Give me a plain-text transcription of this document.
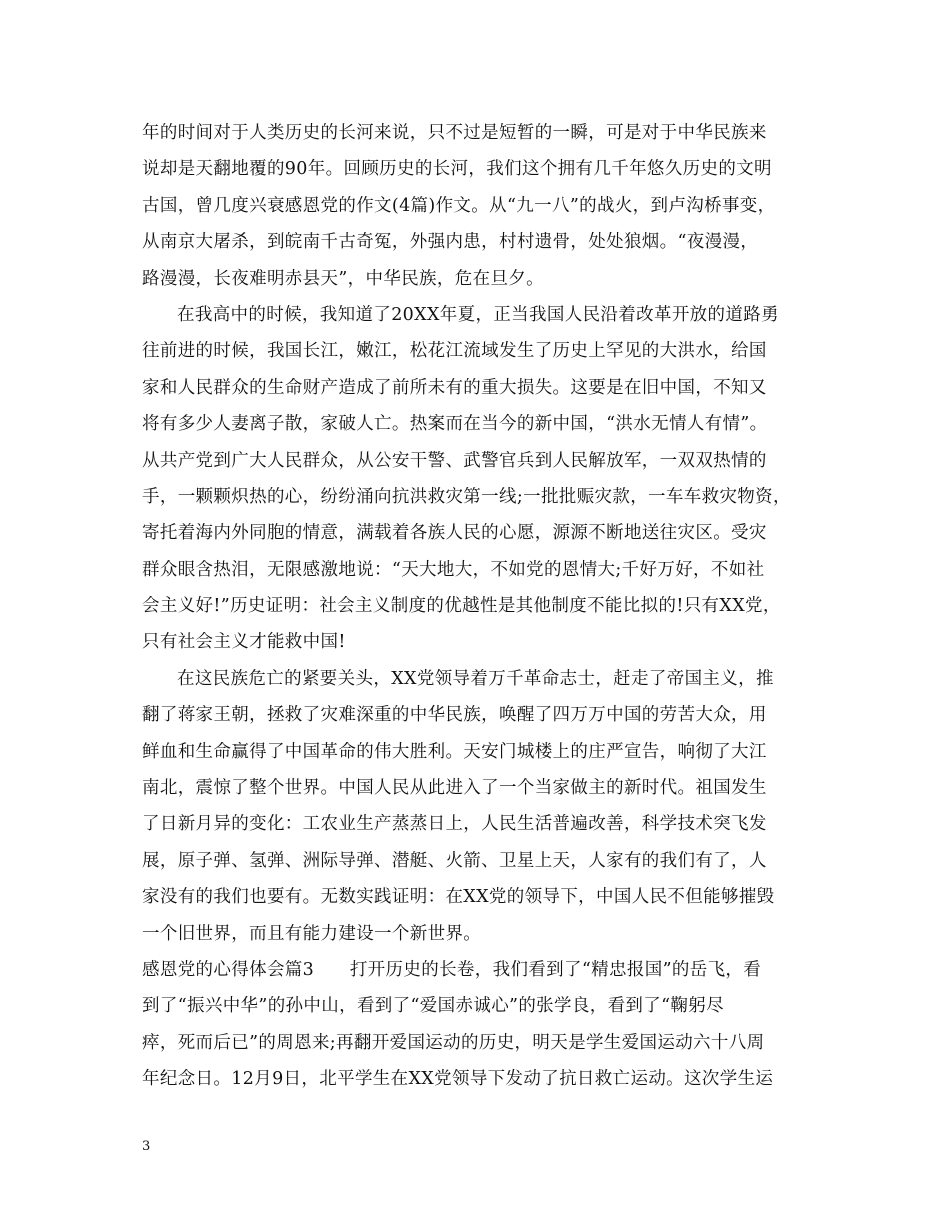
年的时间对于人类历史的长河来说，只不过是短暂的一瞬，可是对于中华民族来
说却是天翻地覆的90年。回顾历史的长河，我们这个拥有几千年悠久历史的文明
古国，曾几度兴衰感恩党的作文(4篇)作文。从“九一八”的战火，到卢沟桥事变，
从南京大屠杀，到皖南千古奇冤，外强内患，村村遗骨，处处狼烟。“夜漫漫，
路漫漫，长夜难明赤县天”，中华民族，危在旦夕。
在我高中的时候，我知道了20XX年夏，正当我国人民沿着改革开放的道路勇
往前进的时候，我国长江，嫩江，松花江流域发生了历史上罕见的大洪水，给国
家和人民群众的生命财产造成了前所未有的重大损失。这要是在旧中国，不知又
将有多少人妻离子散，家破人亡。热案而在当今的新中国，“洪水无情人有情”。
从共产党到广大人民群众，从公安干警、武警官兵到人民解放军，一双双热情的
手，一颗颗炽热的心，纷纷涌向抗洪救灾第一线;一批批赈灾款，一车车救灾物资，
寄托着海内外同胞的情意，满载着各族人民的心愿，源源不断地送往灾区。受灾
群众眼含热泪，无限感激地说：“天大地大，不如党的恩情大;千好万好，不如社
会主义好!”历史证明：社会主义制度的优越性是其他制度不能比拟的!只有XX党，
只有社会主义才能救中国!
在这民族危亡的紧要关头，XX党领导着万千革命志士，赶走了帝国主义，推
翻了蒋家王朝，拯救了灾难深重的中华民族，唤醒了四万万中国的劳苦大众，用
鲜血和生命赢得了中国革命的伟大胜利。天安门城楼上的庄严宣告，响彻了大江
南北，震惊了整个世界。中国人民从此进入了一个当家做主的新时代。祖国发生
了日新月异的变化：工农业生产蒸蒸日上，人民生活普遍改善，科学技术突飞发
展，原子弹、氢弹、洲际导弹、潜艇、火箭、卫星上天，人家有的我们有了，人
家没有的我们也要有。无数实践证明：在XX党的领导下，中国人民不但能够摧毁
一个旧世界，而且有能力建设一个新世界。
感恩党的心得体会篇3　　打开历史的长卷，我们看到了“精忠报国”的岳飞，看
到了“振兴中华”的孙中山，看到了“爱国赤诚心”的张学良，看到了“鞠躬尽
瘁，死而后已”的周恩来;再翻开爱国运动的历史，明天是学生爱国运动六十八周
年纪念日。12月9日，北平学生在XX党领导下发动了抗日救亡运动。这次学生运
3
